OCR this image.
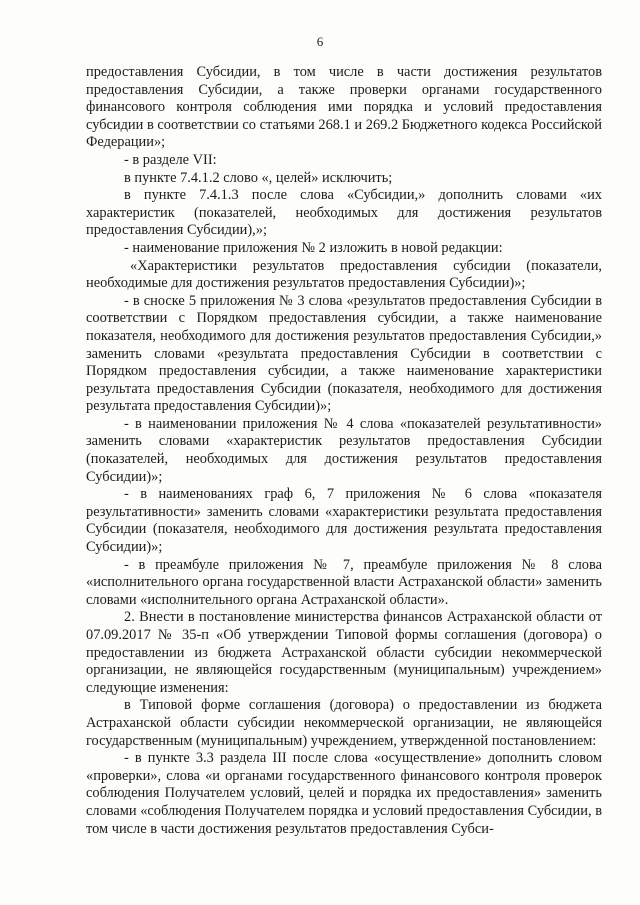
6

предоставления Субсидии, в том числе в части достижения результатов предоставления Субсидии, а также проверки органами государственного финансового контроля соблюдения ими порядка и условий предоставления субсидии в соответствии со статьями 268.1 и 269.2 Бюджетного кодекса Российской Федерации»;

- в разделе VII:

в пункте 7.4.1.2 слово «, целей» исключить;

в пункте 7.4.1.3 после слова «Субсидии,» дополнить словами «их характеристик (показателей, необходимых для достижения результатов предоставления Субсидии),»;

- наименование приложения № 2 изложить в новой редакции:

«Характеристики результатов предоставления субсидии (показатели, необходимые для достижения результатов предоставления Субсидии)»;

- в сноске 5 приложения № 3 слова «результатов предоставления Субсидии в соответствии с Порядком предоставления субсидии, а также наименование показателя, необходимого для достижения результатов предоставления Субсидии,» заменить словами «результата предоставления Субсидии в соответствии с Порядком предоставления субсидии, а также наименование характеристики результата предоставления Субсидии (показателя, необходимого для достижения результата предоставления Субсидии)»;

- в наименовании приложения № 4 слова «показателей результативности» заменить словами «характеристик результатов предоставления Субсидии (показателей, необходимых для достижения результатов предоставления Субсидии)»;

- в наименованиях граф 6, 7 приложения № 6 слова «показателя результативности» заменить словами «характеристики результата предоставления Субсидии (показателя, необходимого для достижения результата предоставления Субсидии)»;

- в преамбуле приложения № 7, преамбуле приложения № 8 слова «исполнительного органа государственной власти Астраханской области» заменить словами «исполнительного органа Астраханской области».

2. Внести в постановление министерства финансов Астраханской области от 07.09.2017 № 35-п «Об утверждении Типовой формы соглашения (договора) о предоставлении из бюджета Астраханской области субсидии некоммерческой организации, не являющейся государственным (муниципальным) учреждением» следующие изменения:

в Типовой форме соглашения (договора) о предоставлении из бюджета Астраханской области субсидии некоммерческой организации, не являющейся государственным (муниципальным) учреждением, утвержденной постановлением:

- в пункте 3.3 раздела III после слова «осуществление» дополнить словом «проверки», слова «и органами государственного финансового контроля проверок соблюдения Получателем условий, целей и порядка их предоставления» заменить словами «соблюдения Получателем порядка и условий предоставления Субсидии, в том числе в части достижения результатов предоставления Субси-
